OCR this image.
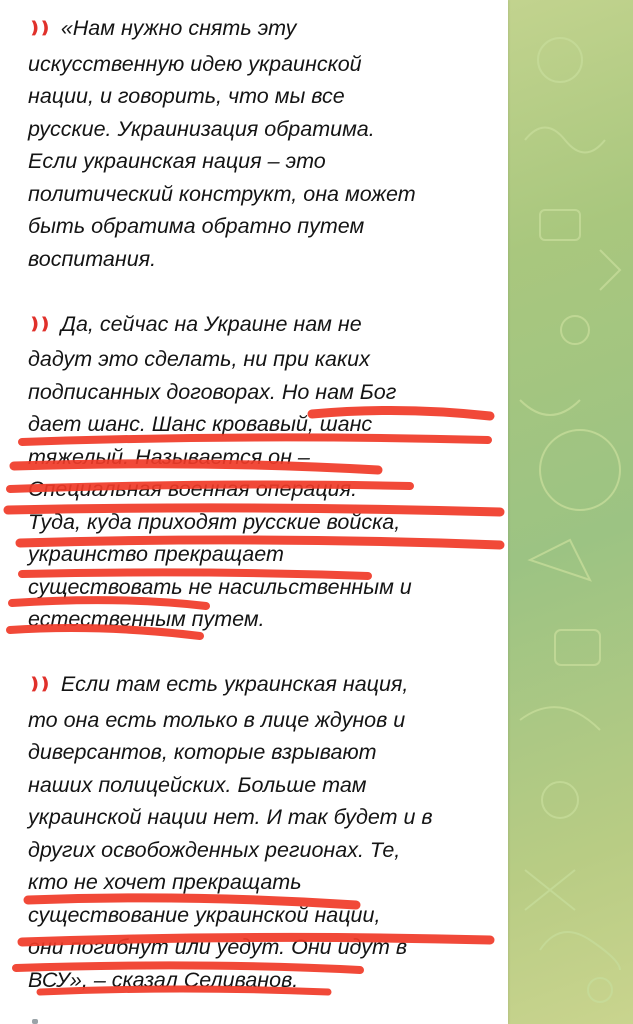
❫❫ «Нам нужно снять эту
искусственную идею украинской
нации, и говорить, что мы все
русские. Украинизация обратима.
Если украинская нация – это
политический конструкт, она может
быть обратима обратно путем
воспитания.

❫❫ Да, сейчас на Украине нам не
дадут это сделать, ни при каких
подписанных договорах. Но нам Бог
дает шанс. Шанс кровавый, шанс
тяжелый. Называется он –
Специальная военная операция.
Туда, куда приходят русские войска,
украинство прекращает
существовать не насильственным и
естественным путем.

❫❫ Если там есть украинская нация,
то она есть только в лице ждунов и
диверсантов, которые взрывают
наших полицейских. Больше там
украинской нации нет. И так будет и в
других освобожденных регионах. Те,
кто не хочет прекращать
существование украинской нации,
они погибнут или уедут. Они идут в
ВСУ», – сказал Селиванов.
